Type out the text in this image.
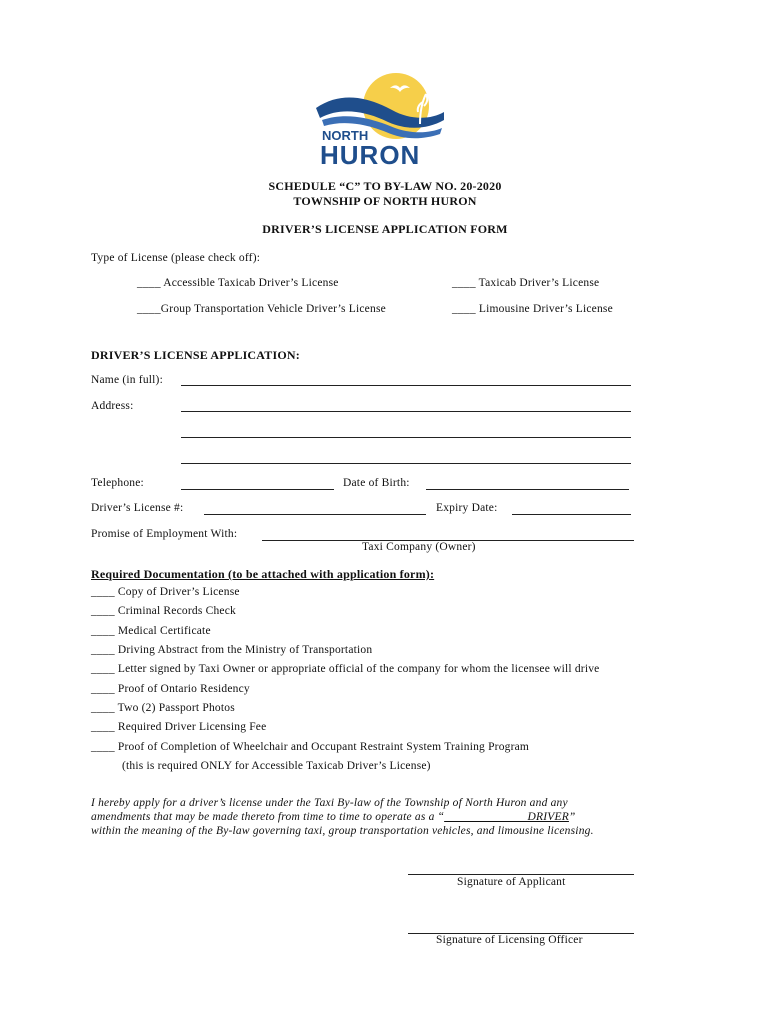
NORTH
HURON
SCHEDULE “C” TO BY-LAW NO. 20-2020
TOWNSHIP OF NORTH HURON
DRIVER’S LICENSE APPLICATION FORM
Type of License (please check off):
____ Accessible Taxicab Driver’s License	____ Taxicab Driver’s License
____Group Transportation Vehicle Driver’s License	____ Limousine Driver’s License
DRIVER’S LICENSE APPLICATION:
Name (in full):
Address:
Telephone:	Date of Birth:
Driver’s License #:	Expiry Date:
Promise of Employment With:
Taxi Company (Owner)
Required Documentation (to be attached with application form):
____ Copy of Driver’s License
____ Criminal Records Check
____ Medical Certificate
____ Driving Abstract from the Ministry of Transportation
____ Letter signed by Taxi Owner or appropriate official of the company for whom the licensee will drive
____ Proof of Ontario Residency
____ Two (2) Passport Photos
____ Required Driver Licensing Fee
____ Proof of Completion of Wheelchair and Occupant Restraint System Training Program
(this is required ONLY for Accessible Taxicab Driver’s License)
I hereby apply for a driver’s license under the Taxi By-law of the Township of North Huron and any
amendments that may be made thereto from time to time to operate as a “______________DRIVER”
within the meaning of the By-law governing taxi, group transportation vehicles, and limousine licensing.
Signature of Applicant
Signature of Licensing Officer
